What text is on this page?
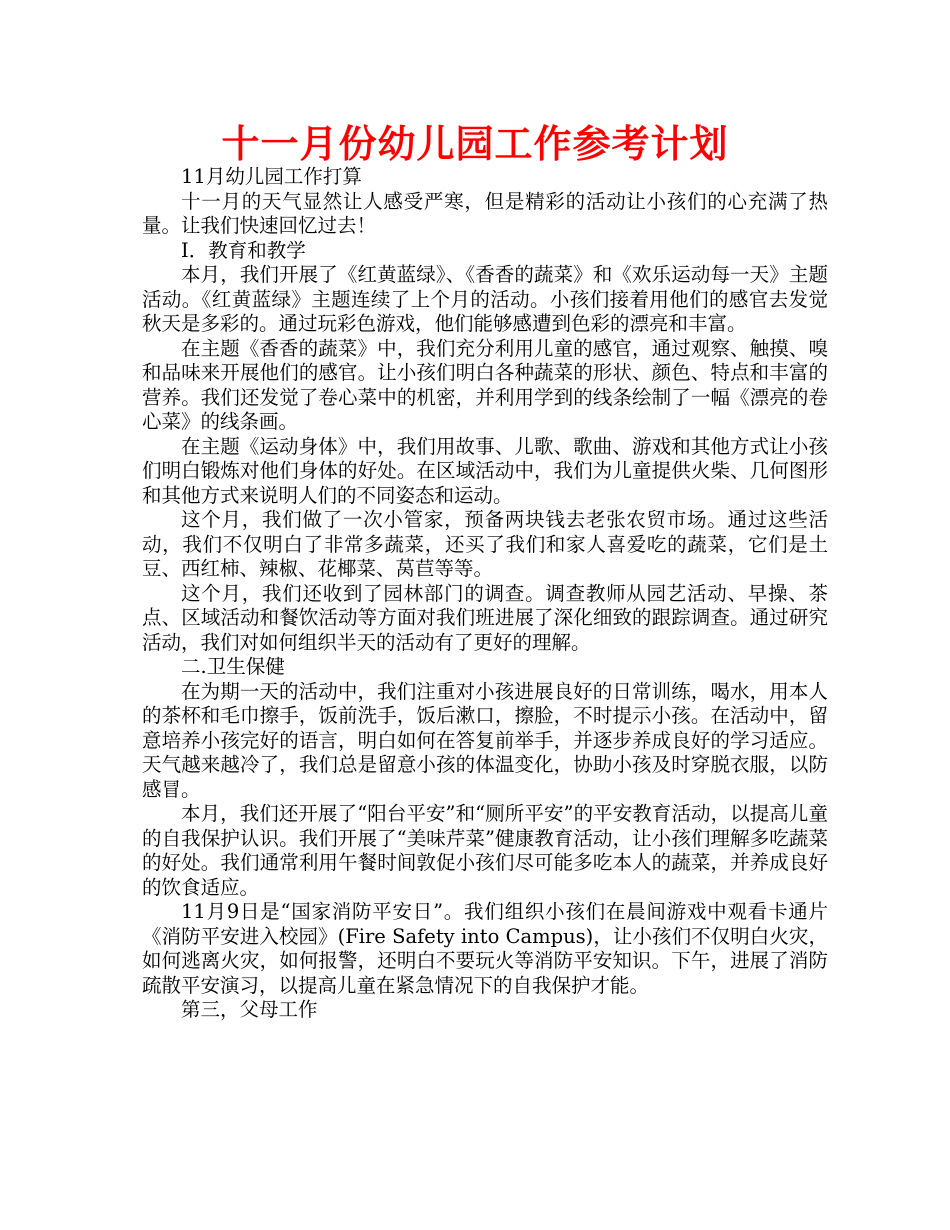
十一月份幼儿园工作参考计划

11月幼儿园工作打算

十一月的天气显然让人感受严寒，但是精彩的活动让小孩们的心充满了热量。让我们快速回忆过去！

I．教育和教学

本月，我们开展了《红黄蓝绿》、《香香的蔬菜》和《欢乐运动每一天》主题活动。《红黄蓝绿》主题连续了上个月的活动。小孩们接着用他们的感官去发觉秋天是多彩的。通过玩彩色游戏，他们能够感遭到色彩的漂亮和丰富。

在主题《香香的蔬菜》中，我们充分利用儿童的感官，通过观察、触摸、嗅和品味来开展他们的感官。让小孩们明白各种蔬菜的形状、颜色、特点和丰富的营养。我们还发觉了卷心菜中的机密，并利用学到的线条绘制了一幅《漂亮的卷心菜》的线条画。

在主题《运动身体》中，我们用故事、儿歌、歌曲、游戏和其他方式让小孩们明白锻炼对他们身体的好处。在区域活动中，我们为儿童提供火柴、几何图形和其他方式来说明人们的不同姿态和运动。

这个月，我们做了一次小管家，预备两块钱去老张农贸市场。通过这些活动，我们不仅明白了非常多蔬菜，还买了我们和家人喜爱吃的蔬菜，它们是土豆、西红柿、辣椒、花椰菜、莴苣等等。

这个月，我们还收到了园林部门的调查。调查教师从园艺活动、早操、茶点、区域活动和餐饮活动等方面对我们班进展了深化细致的跟踪调查。通过研究活动，我们对如何组织半天的活动有了更好的理解。

二.卫生保健

在为期一天的活动中，我们注重对小孩进展良好的日常训练，喝水，用本人的茶杯和毛巾擦手，饭前洗手，饭后漱口，擦脸，不时提示小孩。在活动中，留意培养小孩完好的语言，明白如何在答复前举手，并逐步养成良好的学习适应。天气越来越冷了，我们总是留意小孩的体温变化，协助小孩及时穿脱衣服，以防感冒。

本月，我们还开展了“阳台平安”和“厕所平安”的平安教育活动，以提高儿童的自我保护认识。我们开展了“美味芹菜”健康教育活动，让小孩们理解多吃蔬菜的好处。我们通常利用午餐时间敦促小孩们尽可能多吃本人的蔬菜，并养成良好的饮食适应。

11月9日是“国家消防平安日”。我们组织小孩们在晨间游戏中观看卡通片《消防平安进入校园》(Fire Safety into Campus)，让小孩们不仅明白火灾，如何逃离火灾，如何报警，还明白不要玩火等消防平安知识。下午，进展了消防疏散平安演习，以提高儿童在紧急情况下的自我保护才能。

第三，父母工作
